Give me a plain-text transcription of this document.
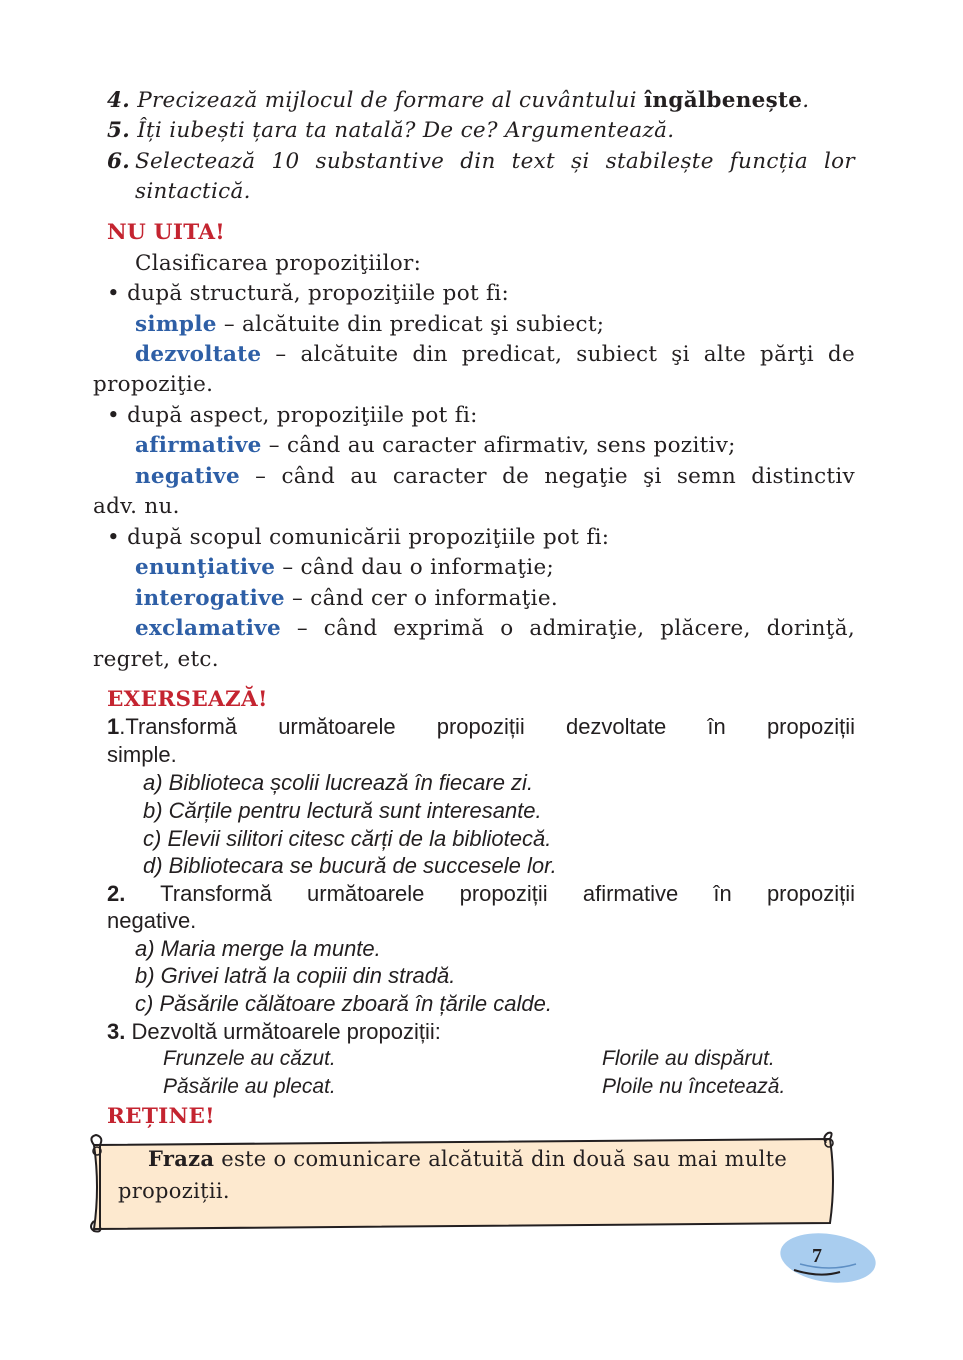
4. Precizează mijlocul de formare al cuvântului îngălbenește.
5. Îți iubești țara ta natală? De ce? Argumentează.
6. Selectează 10 substantive din text și stabilește funcția lor
sintactică.
NU UITA!
Clasificarea propoziţiilor:
• după structură, propoziţiile pot fi:
simple – alcătuite din predicat şi subiect;
dezvoltate – alcătuite din predicat, subiect şi alte părţi de
propoziţie.
• după aspect, propoziţiile pot fi:
afirmative – când au caracter afirmativ, sens pozitiv;
negative – când au caracter de negaţie şi semn distinctiv
adv. nu.
• după scopul comunicării propoziţiile pot fi:
enunţiative – când dau o informaţie;
interogative – când cer o informaţie.
exclamative – când exprimă o admiraţie, plăcere, dorinţă,
regret, etc.
EXERSEAZĂ!
1.Transformă următoarele propoziții dezvoltate în propoziții
simple.
a) Biblioteca școlii lucrează în fiecare zi.
b) Cărțile pentru lectură sunt interesante.
c) Elevii silitori citesc cărți de la bibliotecă.
d) Bibliotecara se bucură de succesele lor.
2. Transformă următoarele propoziții afirmative în propoziții
negative.
a) Maria merge la munte.
b) Grivei latră la copiii din stradă.
c) Păsările călătoare zboară în țările calde.
3. Dezvoltă următoarele propoziții:
Frunzele au căzut.
Păsările au plecat.
Florile au dispărut.
Ploile nu încetează.
REȚINE!
Fraza este o comunicare alcătuită din două sau mai multe propoziții.
7
